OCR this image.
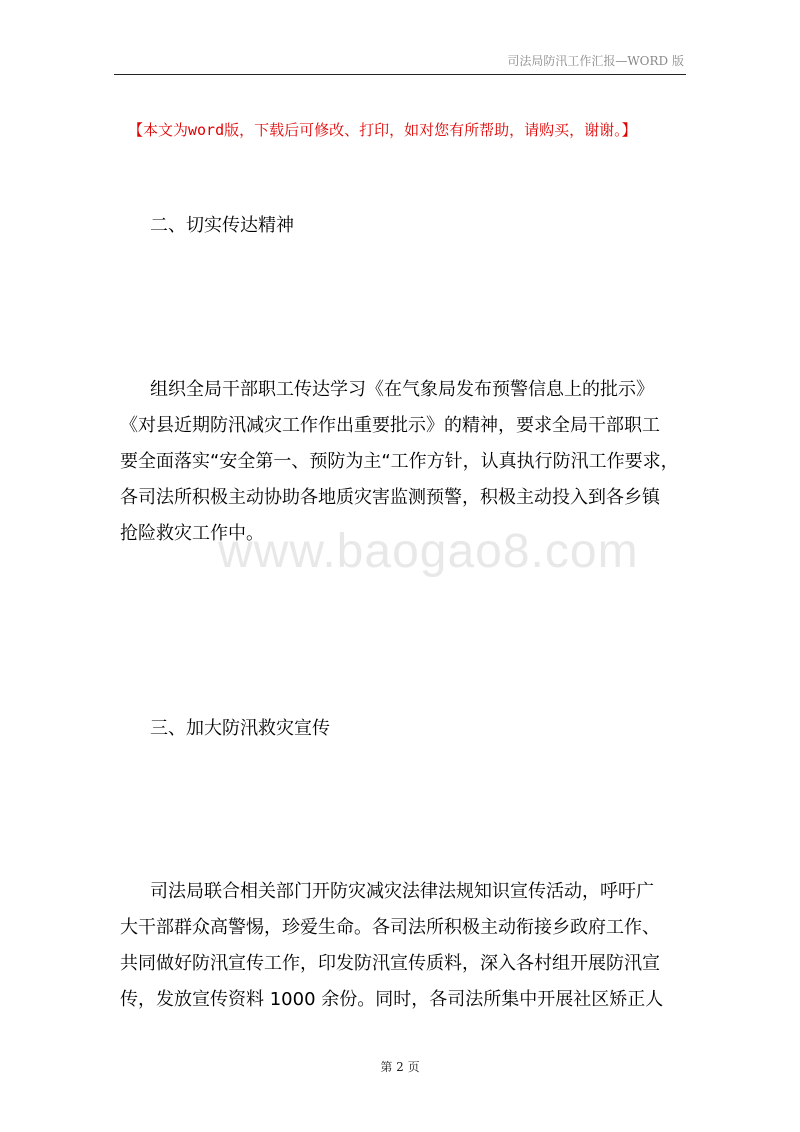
司法局防汛工作汇报—WORD 版
【本文为word版，下载后可修改、打印，如对您有所帮助，请购买，谢谢。】
二、切实传达精神
组织全局干部职工传达学习《在气象局发布预警信息上的批示》
《对县近期防汛减灾工作作出重要批示》的精神，要求全局干部职工
要全面落实“安全第一、预防为主“工作方针，认真执行防汛工作要求，
各司法所积极主动协助各地质灾害监测预警，积极主动投入到各乡镇
抢险救灾工作中。
www.baogao8.com
三、加大防汛救灾宣传
司法局联合相关部门开防灾减灾法律法规知识宣传活动，呼吁广
大干部群众高警惕，珍爱生命。各司法所积极主动衔接乡政府工作、
共同做好防汛宣传工作，印发防汛宣传质料，深入各村组开展防汛宣
传，发放宣传资料 1000 余份。同时，各司法所集中开展社区矫正人
第 2 页
